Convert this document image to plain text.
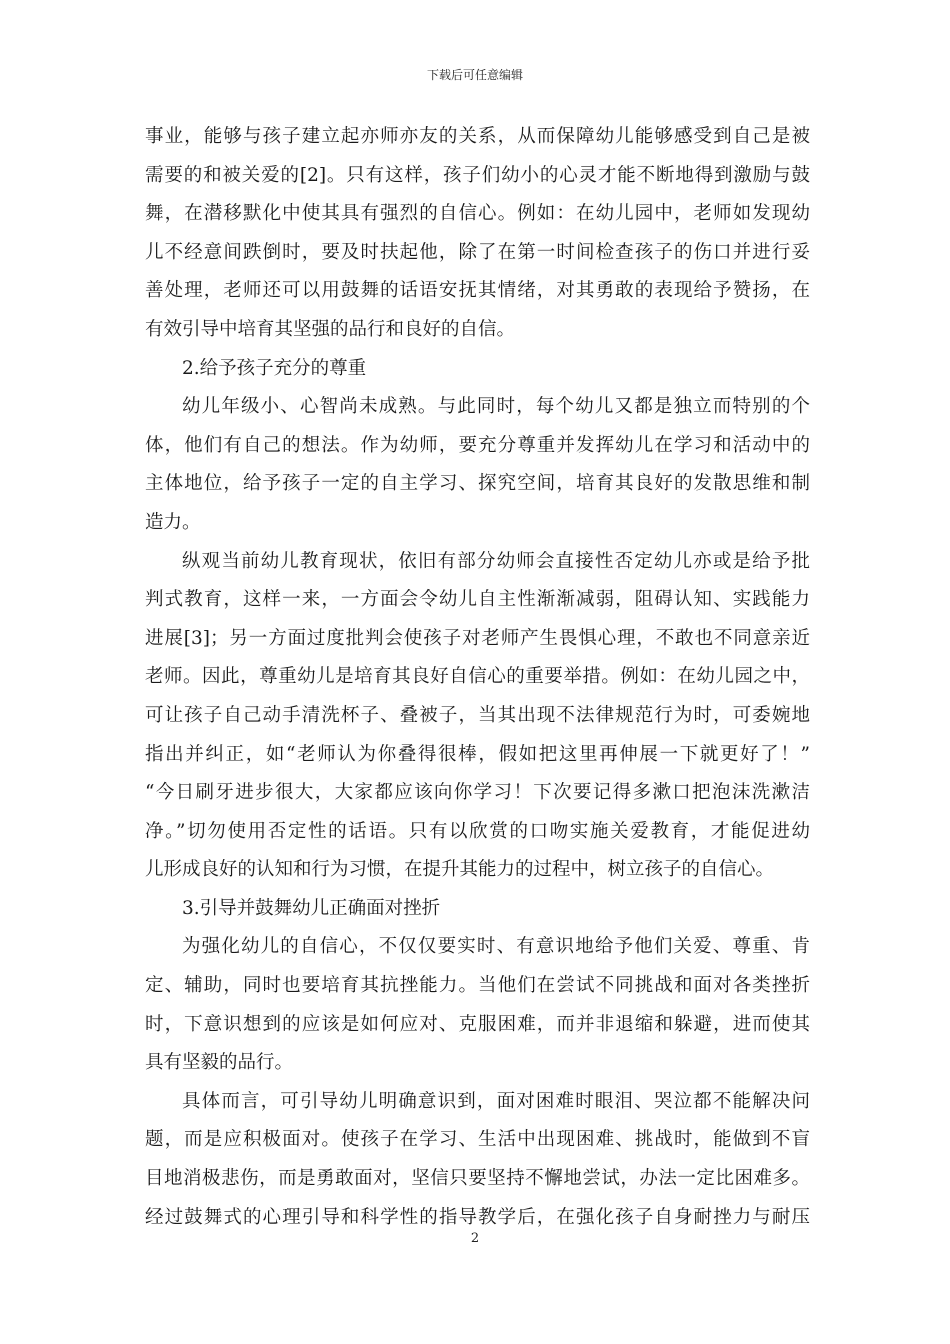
下载后可任意编辑
事业，能够与孩子建立起亦师亦友的关系，从而保障幼儿能够感受到自己是被
需要的和被关爱的[2]。只有这样，孩子们幼小的心灵才能不断地得到激励与鼓
舞，在潜移默化中使其具有强烈的自信心。例如：在幼儿园中，老师如发现幼
儿不经意间跌倒时，要及时扶起他，除了在第一时间检查孩子的伤口并进行妥
善处理，老师还可以用鼓舞的话语安抚其情绪，对其勇敢的表现给予赞扬，在
有效引导中培育其坚强的品行和良好的自信。
2.给予孩子充分的尊重
幼儿年级小、心智尚未成熟。与此同时，每个幼儿又都是独立而特别的个
体，他们有自己的想法。作为幼师，要充分尊重并发挥幼儿在学习和活动中的
主体地位，给予孩子一定的自主学习、探究空间，培育其良好的发散思维和制
造力。
纵观当前幼儿教育现状，依旧有部分幼师会直接性否定幼儿亦或是给予批
判式教育，这样一来，一方面会令幼儿自主性渐渐减弱，阻碍认知、实践能力
进展[3]；另一方面过度批判会使孩子对老师产生畏惧心理，不敢也不同意亲近
老师。因此，尊重幼儿是培育其良好自信心的重要举措。例如：在幼儿园之中，
可让孩子自己动手清洗杯子、叠被子，当其出现不法律规范行为时，可委婉地
指出并纠正，如“老师认为你叠得很棒，假如把这里再伸展一下就更好了！”
“今日刷牙进步很大，大家都应该向你学习！下次要记得多漱口把泡沫洗漱洁
净。”切勿使用否定性的话语。只有以欣赏的口吻实施关爱教育，才能促进幼
儿形成良好的认知和行为习惯，在提升其能力的过程中，树立孩子的自信心。
3.引导并鼓舞幼儿正确面对挫折
为强化幼儿的自信心，不仅仅要实时、有意识地给予他们关爱、尊重、肯
定、辅助，同时也要培育其抗挫能力。当他们在尝试不同挑战和面对各类挫折
时，下意识想到的应该是如何应对、克服困难，而并非退缩和躲避，进而使其
具有坚毅的品行。
具体而言，可引导幼儿明确意识到，面对困难时眼泪、哭泣都不能解决问
题，而是应积极面对。使孩子在学习、生活中出现困难、挑战时，能做到不盲
目地消极悲伤，而是勇敢面对，坚信只要坚持不懈地尝试，办法一定比困难多。
经过鼓舞式的心理引导和科学性的指导教学后，在强化孩子自身耐挫力与耐压
2
